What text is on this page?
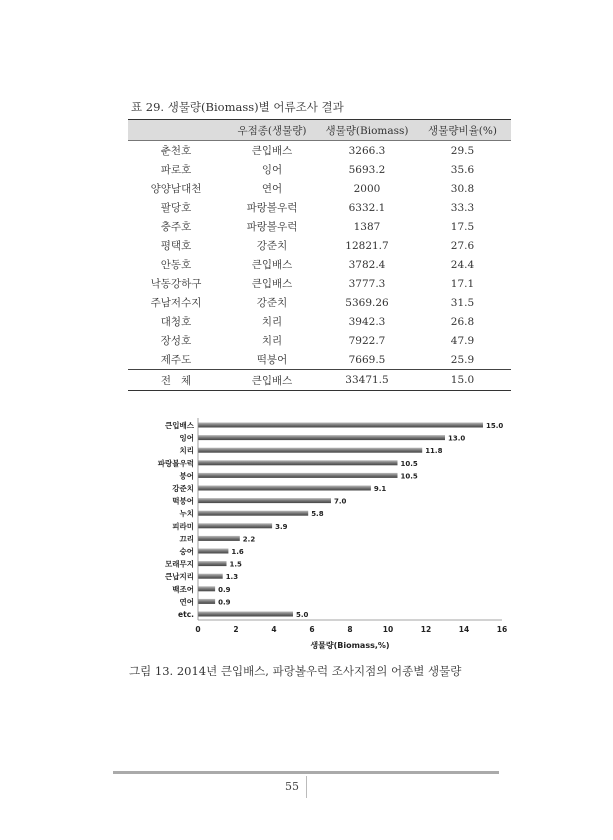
표 29. 생물량(Biomass)별 어류조사 결과
	우점종(생물량)	생물량(Biomass)	생물량비율(%)
춘천호	큰입배스	3266.3	29.5
파로호	잉어	5693.2	35.6
양양남대천	연어	2000	30.8
팔당호	파랑볼우럭	6332.1	33.3
충주호	파랑볼우럭	1387	17.5
평택호	강준치	12821.7	27.6
안동호	큰입배스	3782.4	24.4
낙동강하구	큰입배스	3777.3	17.1
주남저수지	강준치	5369.26	31.5
대청호	치리	3942.3	26.8
장성호	치리	7922.7	47.9
제주도	떡붕어	7669.5	25.9
전   체	큰입배스	33471.5	15.0
큰입배스	15.0
잉어	13.0
치리	11.8
파랑볼우럭	10.5
붕어	10.5
강준치	9.1
떡붕어	7.0
누치	5.8
피라미	3.9
끄리	2.2
숭어	1.6
모래무지	1.5
큰납지리	1.3
백조어	0.9
연어	0.9
etc.	5.0
0	2	4	6	8	10	12	14	16
생물량(Biomass,%)
그림 13. 2014년 큰입배스, 파랑볼우럭 조사지점의 어종별 생물량
55
